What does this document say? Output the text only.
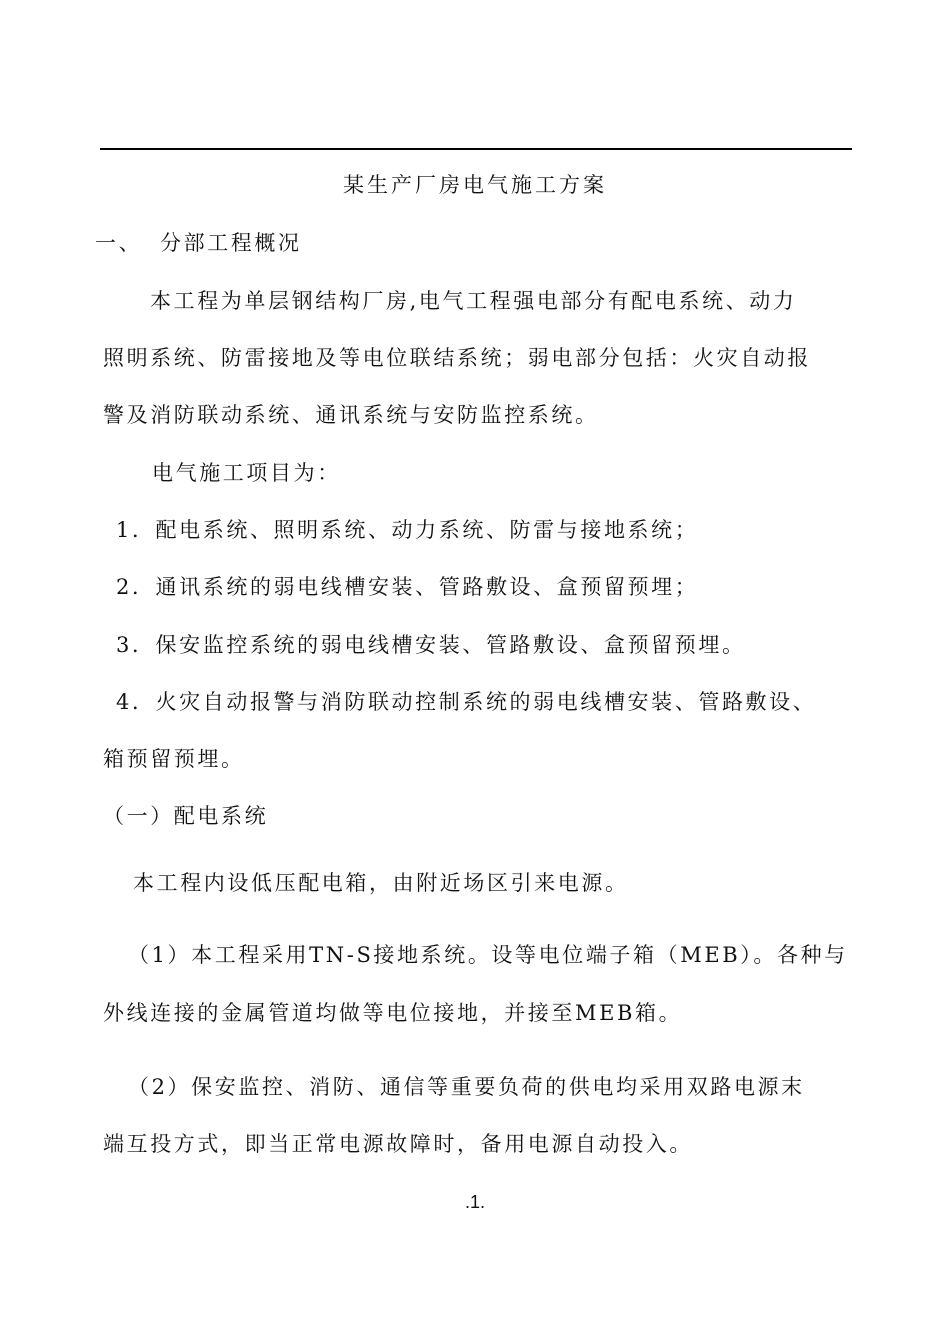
某生产厂房电气施工方案
一、 分部工程概况
本工程为单层钢结构厂房,电气工程强电部分有配电系统、动力
照明系统、防雷接地及等电位联结系统；弱电部分包括：火灾自动报
警及消防联动系统、通讯系统与安防监控系统。
电气施工项目为：
1．配电系统、照明系统、动力系统、防雷与接地系统；
2．通讯系统的弱电线槽安装、管路敷设、盒预留预埋；
3．保安监控系统的弱电线槽安装、管路敷设、盒预留预埋。
4．火灾自动报警与消防联动控制系统的弱电线槽安装、管路敷设、
箱预留预埋。
（一）配电系统
本工程内设低压配电箱，由附近场区引来电源。
（1）本工程采用TN-S接地系统。设等电位端子箱（MEB）。各种与
外线连接的金属管道均做等电位接地，并接至MEB箱。
（2）保安监控、消防、通信等重要负荷的供电均采用双路电源末
端互投方式，即当正常电源故障时，备用电源自动投入。
.1.
